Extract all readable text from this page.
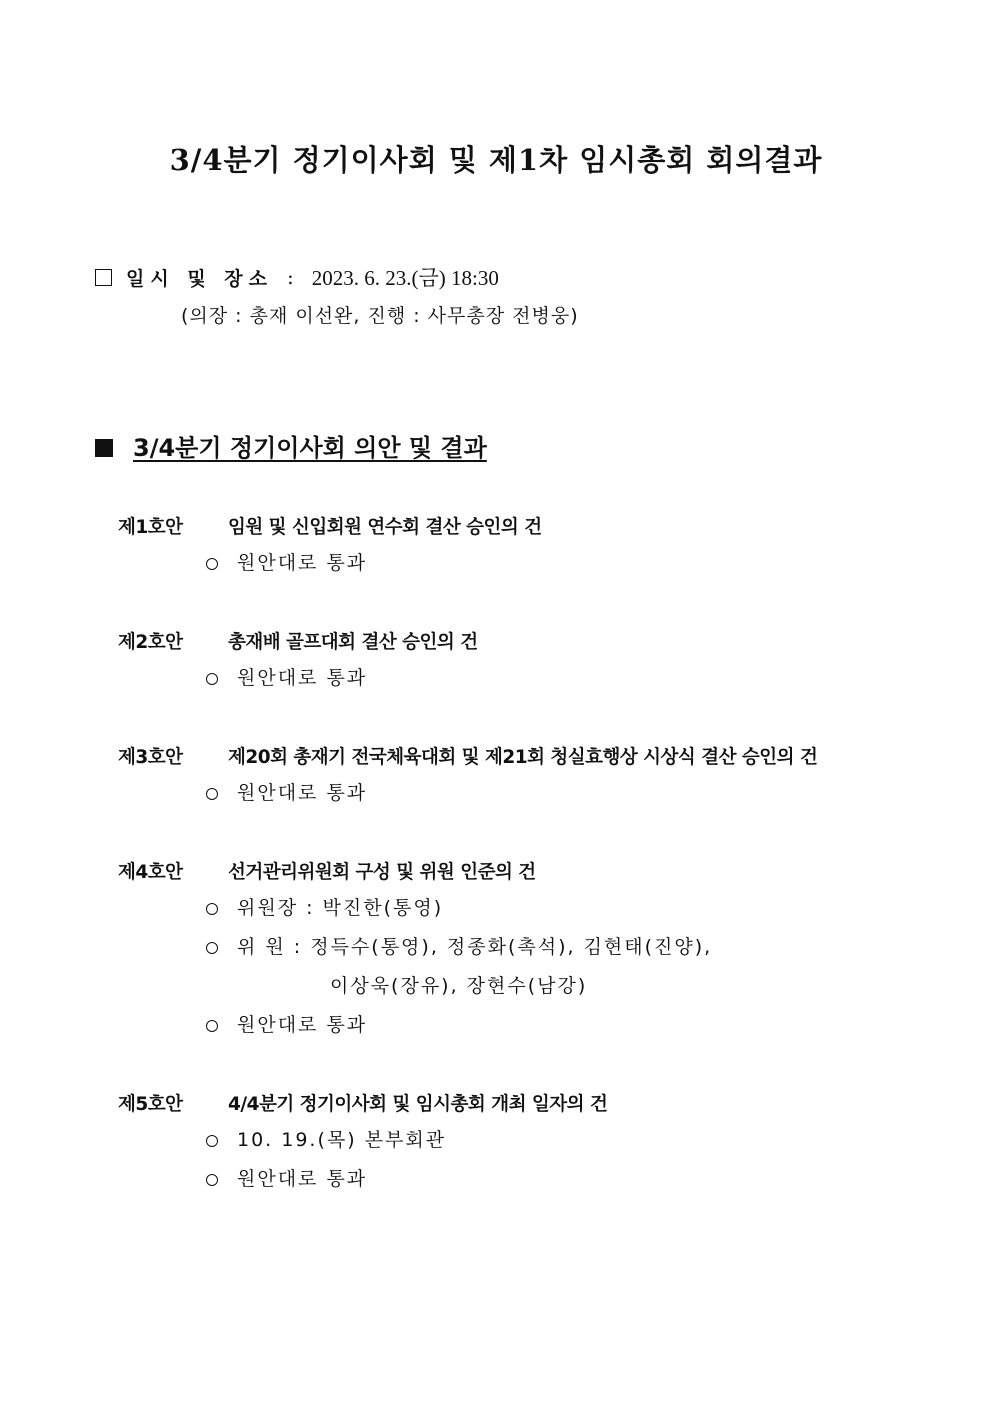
3/4분기 정기이사회 및 제1차 임시총회 회의결과
일시 및 장소 : 2023. 6. 23.(금) 18:30
(의장 : 총재 이선완, 진행 : 사무총장 전병웅)
3/4분기 정기이사회 의안 및 결과
제1호안	임원 및 신입회원 연수회 결산 승인의 건
원안대로 통과
제2호안	총재배 골프대회 결산 승인의 건
원안대로 통과
제3호안	제20회 총재기 전국체육대회 및 제21회 청실효행상 시상식 결산 승인의 건
원안대로 통과
제4호안	선거관리위원회 구성 및 위원 인준의 건
위원장 : 박진한(통영)
위 원 : 정득수(통영), 정종화(촉석), 김현태(진양),
이상욱(장유), 장현수(남강)
원안대로 통과
제5호안	4/4분기 정기이사회 및 임시총회 개최 일자의 건
10. 19.(목) 본부회관
원안대로 통과
